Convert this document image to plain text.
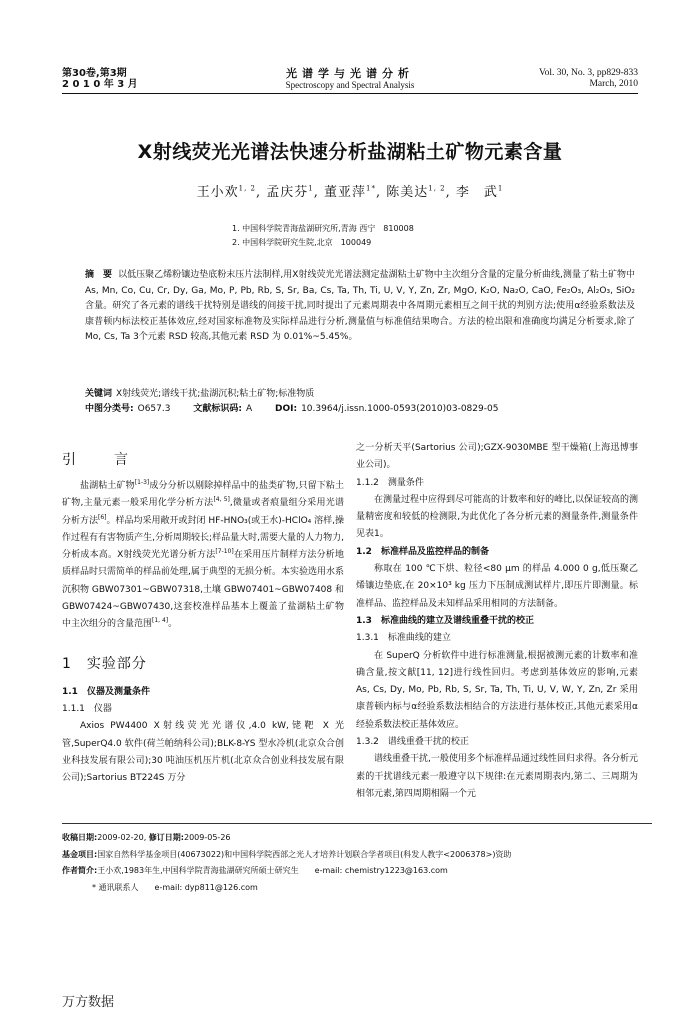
第30卷,第3期
2 0 1 0 年 3 月
光谱学与光谱分析
Spectroscopy and Spectral Analysis
Vol. 30, No. 3, pp829-833
March, 2010
X射线荧光光谱法快速分析盐湖粘土矿物元素含量
王小欢$^{1, 2}$, 孟庆芬$^1$, 董亚萍$^{1*}$, 陈美达$^{1, 2}$, 李　武$^1$
1. 中国科学院青海盐湖研究所,青海 西宁　810008
2. 中国科学院研究生院,北京　100049
摘　要 以低压聚乙烯粉镶边垫底粉末压片法制样,用X射线荧光光谱法测定盐湖粘土矿物中主次组分含量的定量分析曲线,测量了粘土矿物中 As, Mn, Co, Cu, Cr, Dy, Ga, Mo, P, Pb, Rb, S, Sr, Ba, Cs, Ta, Th, Ti, U, V, Y, Zn, Zr, MgO, K₂O, Na₂O, CaO, Fe₂O₃, Al₂O₃, SiO₂ 含量。研究了各元素的谱线干扰特别是谱线的间接干扰,同时提出了元素周期表中各周期元素相互之间干扰的判别方法;使用α经验系数法及康普顿内标法校正基体效应,经对国家标准物及实际样品进行分析,测量值与标准值结果吻合。方法的检出限和准确度均满足分析要求,除了 Mo, Cs, Ta 3个元素 RSD 较高,其他元素 RSD 为 0.01%~5.45%。
关键词 X射线荧光;谱线干扰;盐湖沉积;粘土矿物;标准物质
中图分类号: O657.3	文献标识码: A	DOI: 10.3964/j.issn.1000-0593(2010)03-0829-05
引　言

盐湖粘土矿物[1-3]成分分析以剔除掉样品中的盐类矿物,只留下粘土矿物,主量元素一般采用化学分析方法[4, 5],微量或者痕量组分采用光谱分析方法[6]。样品均采用敞开或封闭 HF-HNO₃(或王水)-HClO₄ 溶样,操作过程有有害物质产生,分析周期较长;样品量大时,需要大量的人力物力,分析成本高。X射线荧光光谱分析方法[7-10]在采用压片制样方法分析地质样品时只需简单的样品前处理,属于典型的无损分析。本实验选用水系沉积物 GBW07301~GBW07318,土壤 GBW07401~GBW07408 和 GBW07424~GBW07430,这套校准样品基本上覆盖了盐湖粘土矿物中主次组分的含量范围[1, 4]。

1　实验部分
1.1　仪器及测量条件
1.1.1　仪器

Axios PW4400 X射线荧光光谱仪,4.0 kW,铑靶 X 光管,SuperQ4.0 软件(荷兰帕纳科公司);BLK-8-YS 型水冷机(北京众合创业科技发展有限公司);30 吨油压机压片机(北京众合创业科技发展有限公司);Sartorius BT224S 万分

之一分析天平(Sartorius 公司);GZX-9030MBE 型干燥箱(上海迅博事业公司)。

1.1.2　测量条件

在测量过程中应得到尽可能高的计数率和好的峰比,以保证较高的测量精密度和较低的检测限,为此优化了各分析元素的测量条件,测量条件见表1。

1.2　标准样品及监控样品的制备

称取在 100 ℃下烘、粒径<80 μm 的样品 4.000 0 g,低压聚乙烯镶边垫底,在 20×10³ kg 压力下压制成测试样片,即压片即测量。标准样品、监控样品及未知样品采用相同的方法制备。

1.3　标准曲线的建立及谱线重叠干扰的校正
1.3.1　标准曲线的建立

在 SuperQ 分析软件中进行标准测量,根据被测元素的计数率和准确含量,按文献[11, 12]进行线性回归。考虑到基体效应的影响,元素 As, Cs, Dy, Mo, Pb, Rb, S, Sr, Ta, Th, Ti, U, V, W, Y, Zn, Zr 采用康普顿内标与α经验系数法相结合的方法进行基体校正,其他元素采用α经验系数法校正基体效应。

1.3.2　谱线重叠干扰的校正

谱线重叠干扰,一般使用多个标准样品通过线性回归求得。各分析元素的干扰谱线元素一般遵守以下规律:在元素周期表内,第二、三周期为相邻元素,第四周期相隔一个元

收稿日期:2009-02-20, 修订日期:2009-05-26
基金项目:国家自然科学基金项目(40673022)和中国科学院西部之光人才培养计划联合学者项目(科发人教字<2006378>)资助
作者简介:王小欢,1983年生,中国科学院青海盐湖研究所硕士研究生　　e-mail: chemistry1223@163.com
* 通讯联系人　　e-mail: dyp811@126.com
万方数据
